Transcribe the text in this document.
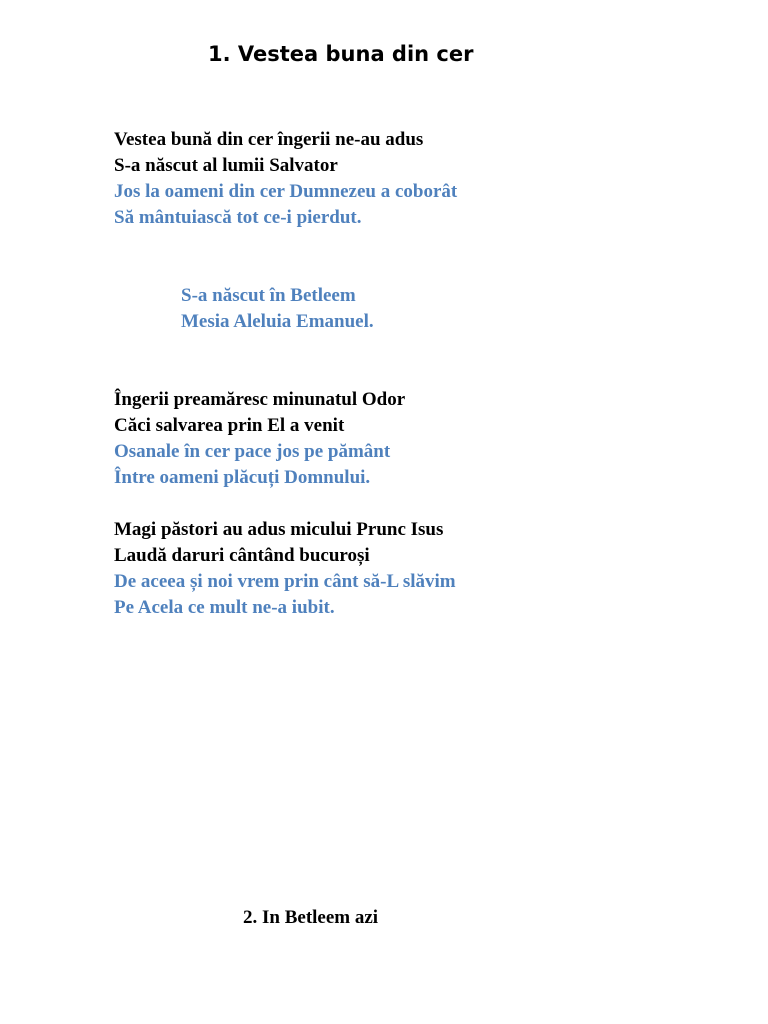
1. Vestea buna din cer
Vestea bună din cer îngerii ne-au adus
S-a născut al lumii Salvator
Jos la oameni din cer Dumnezeu a coborât
Să mântuiască tot ce-i pierdut.
S-a născut în Betleem
Mesia Aleluia Emanuel.
Îngerii preamăresc minunatul Odor
Căci salvarea prin El a venit
Osanale în cer pace jos pe pământ
Între oameni plăcuți Domnului.
Magi păstori au adus micului Prunc Isus
Laudă daruri cântând bucuroși
De aceea și noi vrem prin cânt să-L slăvim
Pe Acela ce mult ne-a iubit.
2. In Betleem azi
